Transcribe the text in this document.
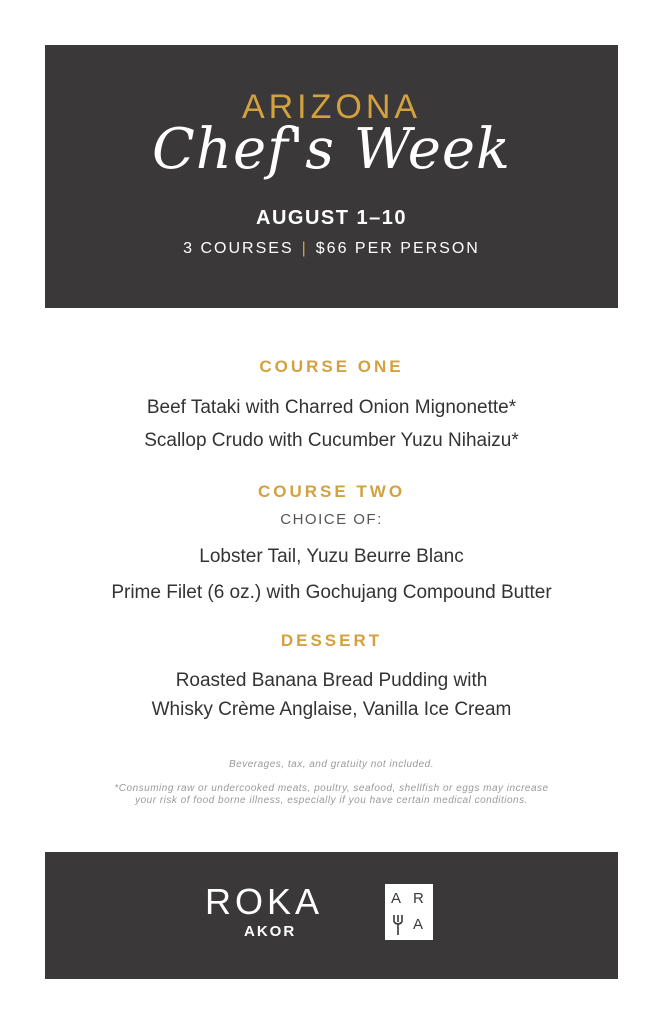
ARIZONA
Chef's Week
AUGUST 1–10
3 COURSES | $66 PER PERSON
COURSE ONE
Beef Tataki with Charred Onion Mignonette*
Scallop Crudo with Cucumber Yuzu Nihaizu*
COURSE TWO
CHOICE OF:
Lobster Tail, Yuzu Beurre Blanc
Prime Filet (6 oz.) with Gochujang Compound Butter
DESSERT
Roasted Banana Bread Pudding with
Whisky Crème Anglaise, Vanilla Ice Cream
Beverages, tax, and gratuity not included.
*Consuming raw or undercooked meats, poultry, seafood, shellfish or eggs may increase
your risk of food borne illness, especially if you have certain medical conditions.
ROKA
AKOR
A R
A
